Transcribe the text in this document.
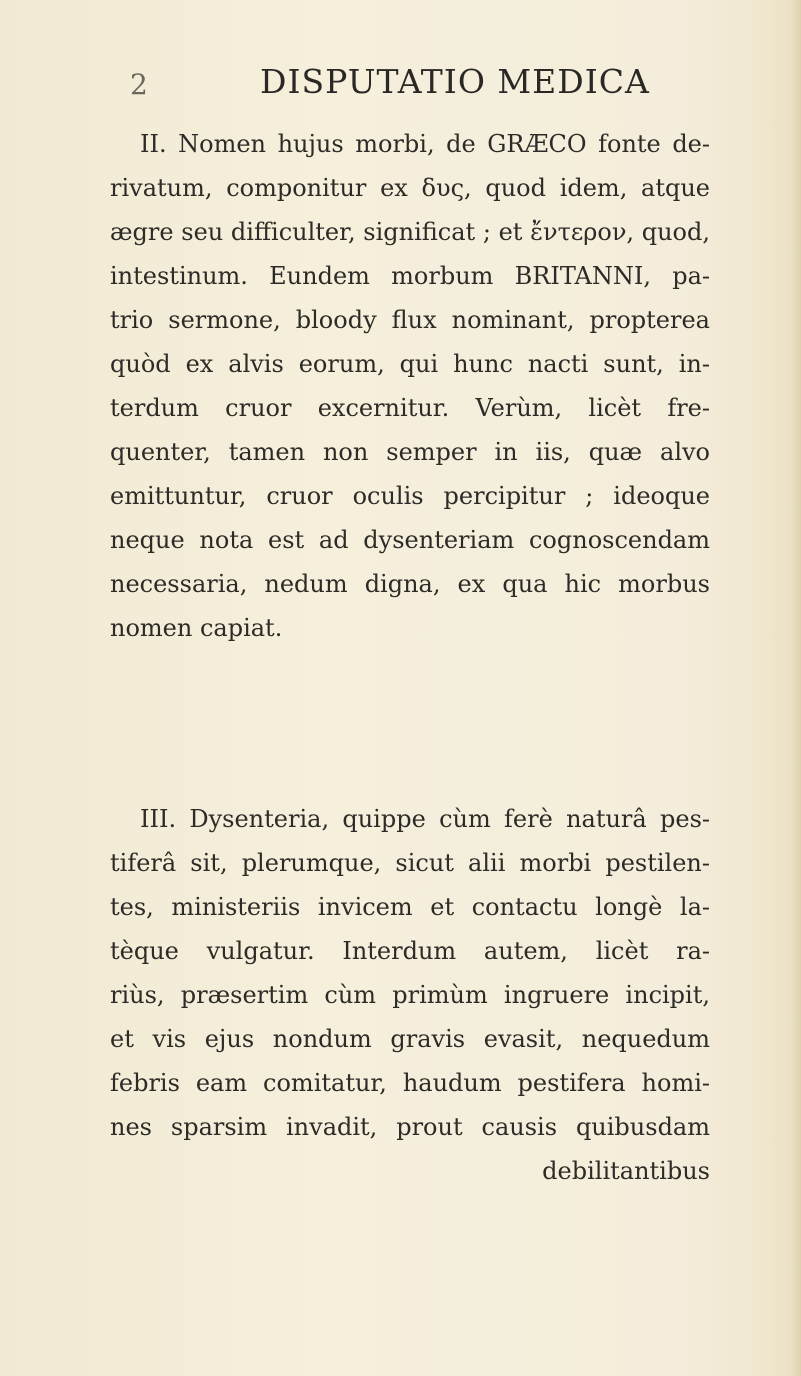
2	DISPUTATIO MEDICA
II. Nomen hujus morbi, de GRÆCO fonte de-
rivatum, componitur ex δυς, quod idem, atque
ægre seu difficulter, significat ; et ἔντερον, quod,
intestinum. Eundem morbum BRITANNI, pa-
trio sermone, bloody flux nominant, propterea
quòd ex alvis eorum, qui hunc nacti sunt, in-
terdum cruor excernitur. Verùm, licèt fre-
quenter, tamen non semper in iis, quæ alvo
emittuntur, cruor oculis percipitur ; ideoque
neque nota est ad dysenteriam cognoscendam
necessaria, nedum digna, ex qua hic morbus
nomen capiat.
III. Dysenteria, quippe cùm ferè naturâ pes-
tiferâ sit, plerumque, sicut alii morbi pestilen-
tes, ministeriis invicem et contactu longè la-
tèque vulgatur. Interdum autem, licèt ra-
riùs, præsertim cùm primùm ingruere incipit,
et vis ejus nondum gravis evasit, nequedum
febris eam comitatur, haudum pestifera homi-
nes sparsim invadit, prout causis quibusdam
debilitantibus
